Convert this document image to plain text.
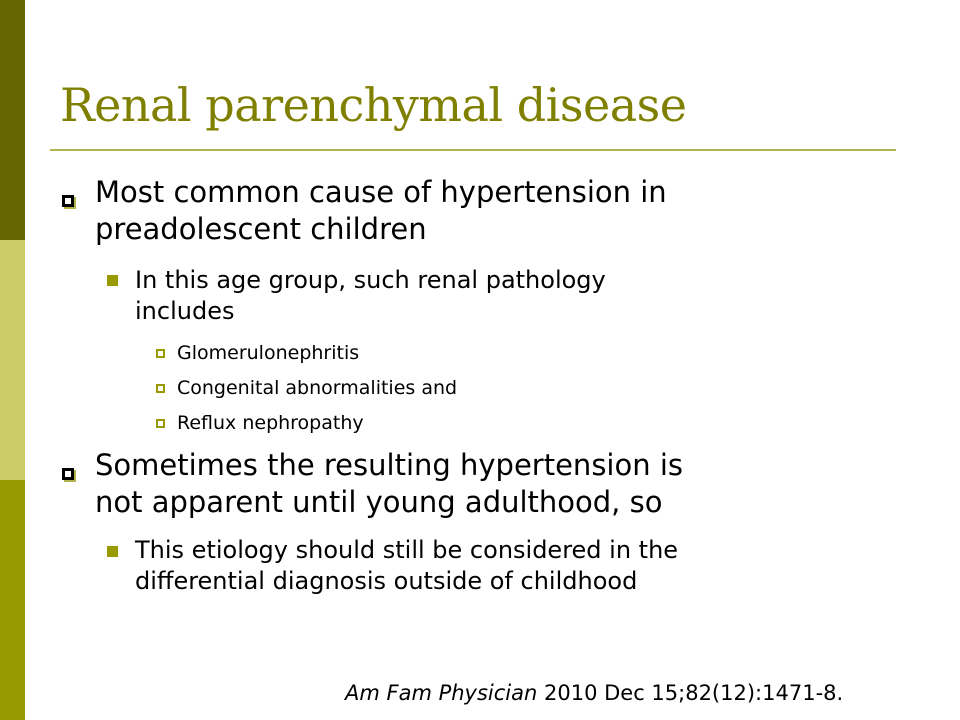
Renal parenchymal disease
Most common cause of hypertension in
preadolescent children
In this age group, such renal pathology
includes
Glomerulonephritis
Congenital abnormalities and
Reflux nephropathy
Sometimes the resulting hypertension is
not apparent until young adulthood, so
This etiology should still be considered in the
differential diagnosis outside of childhood
Am Fam Physician 2010 Dec 15;82(12):1471-8.
